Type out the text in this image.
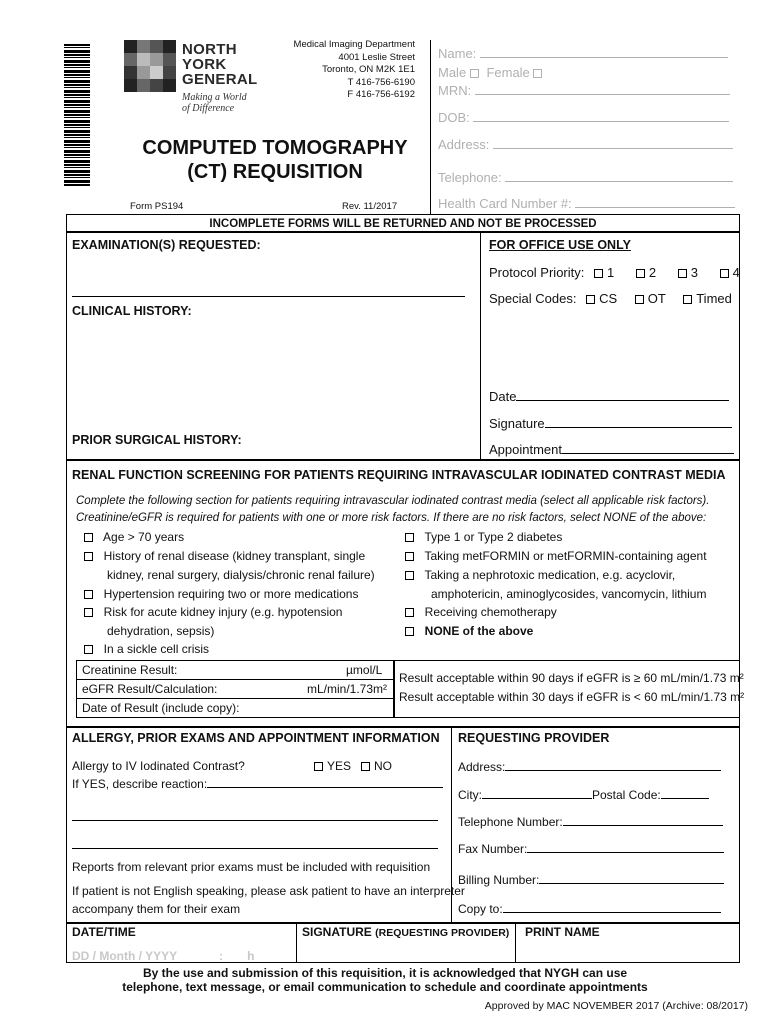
NORTH
YORK
GENERAL
Making a World
of Difference
Medical Imaging Department
4001 Leslie Street
Toronto, ON M2K 1E1
T 416-756-6190
F 416-756-6192
COMPUTED TOMOGRAPHY
(CT) REQUISITION
Form PS194	Rev. 11/2017
Name:
Male Female
MRN:
DOB:
Address:
Telephone:
Health Card Number #:
INCOMPLETE FORMS WILL BE RETURNED AND NOT BE PROCESSED
EXAMINATION(S) REQUESTED:
CLINICAL HISTORY:
PRIOR SURGICAL HISTORY:
FOR OFFICE USE ONLY
Protocol Priority: 1	2	3	4
Special Codes: CS OT Timed
Date
Signature
Appointment
RENAL FUNCTION SCREENING FOR PATIENTS REQUIRING INTRAVASCULAR IODINATED CONTRAST MEDIA
Complete the following section for patients requiring intravascular iodinated contrast media (select all applicable risk factors).
Creatinine/eGFR is required for patients with one or more risk factors. If there are no risk factors, select NONE of the above:
Age > 70 years
History of renal disease (kidney transplant, single
kidney, renal surgery, dialysis/chronic renal failure)
Hypertension requiring two or more medications
Risk for acute kidney injury (e.g. hypotension
dehydration, sepsis)
In a sickle cell crisis
Type 1 or Type 2 diabetes
Taking metFORMIN or metFORMIN-containing agent
Taking a nephrotoxic medication, e.g. acyclovir,
amphotericin, aminoglycosides, vancomycin, lithium
Receiving chemotherapy
NONE of the above
Creatinine Result:	µmol/L
eGFR Result/Calculation:	mL/min/1.73m²
Date of Result (include copy):
Result acceptable within 90 days if eGFR is ≥ 60 mL/min/1.73 m²
Result acceptable within 30 days if eGFR is < 60 mL/min/1.73 m²
ALLERGY, PRIOR EXAMS AND APPOINTMENT INFORMATION
Allergy to IV Iodinated Contrast?	YES NO
If YES, describe reaction:
Reports from relevant prior exams must be included with requisition
If patient is not English speaking, please ask patient to have an interpreter
accompany them for their exam
REQUESTING PROVIDER
Address:
City:	Postal Code:
Telephone Number:
Fax Number:
Billing Number:
Copy to:
DATE/TIME
DD / Month / YYYY	: h
SIGNATURE (REQUESTING PROVIDER) PRINT NAME
By the use and submission of this requisition, it is acknowledged that NYGH can use
telephone, text message, or email communication to schedule and coordinate appointments
Approved by MAC NOVEMBER 2017 (Archive: 08/2017)
